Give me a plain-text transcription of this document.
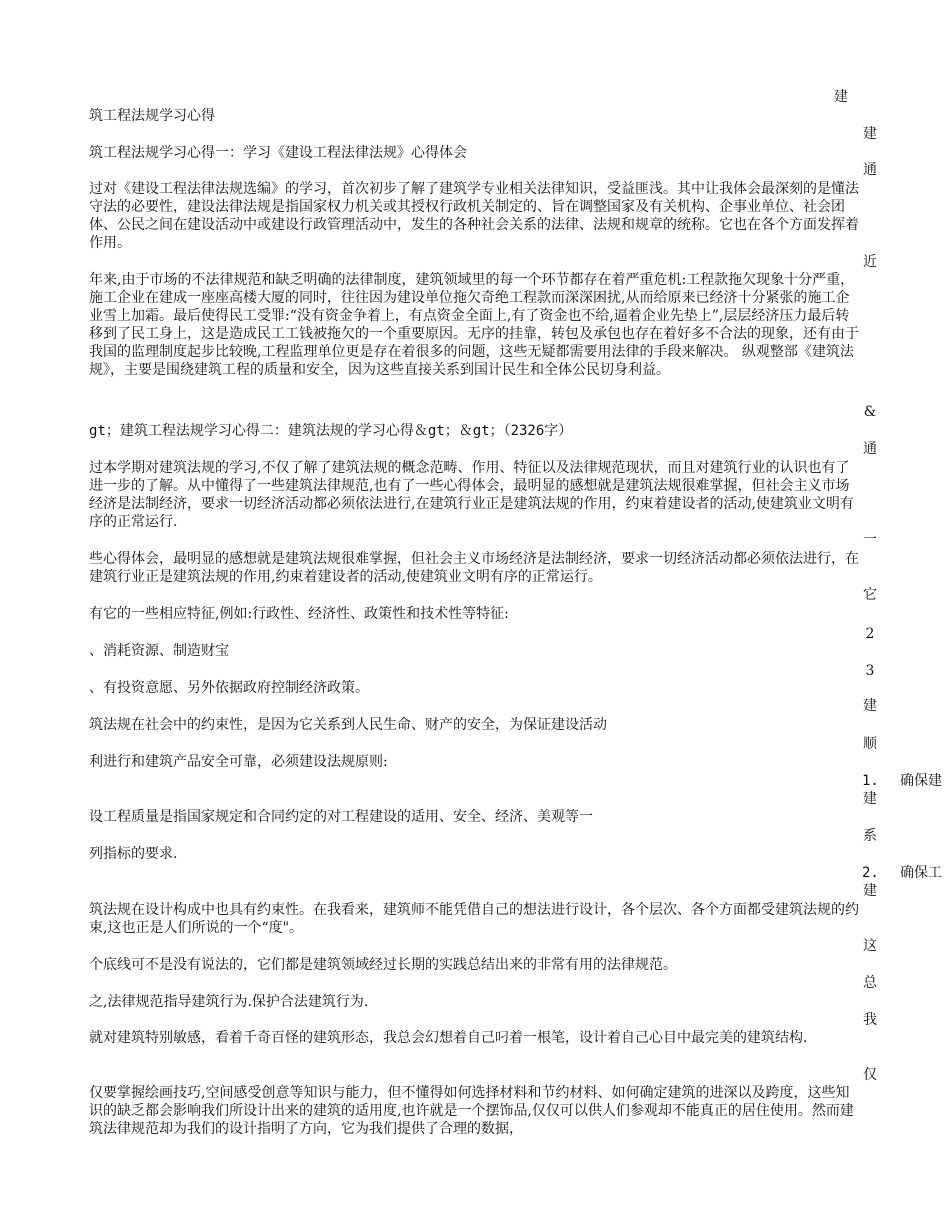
筑工程法规学习心得
筑工程法规学习心得一：学习《建设工程法律法规》心得体会
过对《建设工程法律法规选编》的学习，首次初步了解了建筑学专业相关法律知识，受益匪浅。其中让我体会最深刻的是懂法守法的必要性，建设法律法规是指国家权力机关或其授权行政机关制定的、旨在调整国家及有关机构、企事业单位、社会团体、公民之间在建设活动中或建设行政管理活动中，发生的各种社会关系的法律、法规和规章的统称。它也在各个方面发挥着作用。
年来,由于市场的不法律规范和缺乏明确的法律制度，建筑领域里的每一个环节都存在着严重危机:工程款拖欠现象十分严重，施工企业在建成一座座高楼大厦的同时，往往因为建设单位拖欠奇绝工程款而深深困扰,从而给原来已经济十分紧张的施工企业雪上加霜。最后使得民工受罪:“没有资金争着上，有点资金全面上,有了资金也不给,逼着企业先垫上”,层层经济压力最后转移到了民工身上，这是造成民工工钱被拖欠的一个重要原因。无序的挂靠，转包及承包也存在着好多不合法的现象，还有由于我国的监理制度起步比较晚,工程监理单位更是存在着很多的问题，这些无疑都需要用法律的手段来解决。 纵观整部《建筑法规》，主要是围绕建筑工程的质量和安全，因为这些直接关系到国计民生和全体公民切身利益。
gt；建筑工程法规学习心得二：建筑法规的学习心得＆gt；＆gt；（2326字）
过本学期对建筑法规的学习,不仅了解了建筑法规的概念范畴、作用、特征以及法律规范现状，而且对建筑行业的认识也有了进一步的了解。从中懂得了一些建筑法律规范,也有了一些心得体会，最明显的感想就是建筑法规很难掌握，但社会主义市场经济是法制经济，要求一切经济活动都必须依法进行,在建筑行业正是建筑法规的作用，约束着建设者的活动,使建筑业文明有序的正常运行.
些心得体会，最明显的感想就是建筑法规很难掌握，但社会主义市场经济是法制经济，要求一切经济活动都必须依法进行，在建筑行业正是建筑法规的作用,约束着建设者的活动,使建筑业文明有序的正常运行。
有它的一些相应特征,例如:行政性、经济性、政策性和技术性等特征:
、消耗资源、制造财宝
、有投资意愿、另外依据政府控制经济政策。
筑法规在社会中的约束性，是因为它关系到人民生命、财产的安全，为保证建设活动
利进行和建筑产品安全可靠，必须建设法规原则:
设工程质量是指国家规定和合同约定的对工程建设的适用、安全、经济、美观等一
列指标的要求.
筑法规在设计构成中也具有约束性。在我看来，建筑师不能凭借自己的想法进行设计，各个层次、各个方面都受建筑法规的约束,这也正是人们所说的一个“度"。
个底线可不是没有说法的，它们都是建筑领域经过长期的实践总结出来的非常有用的法律规范。
之,法律规范指导建筑行为.保护合法建筑行为.
就对建筑特别敏感，看着千奇百怪的建筑形态，我总会幻想着自己叼着一根笔，设计着自己心目中最完美的建筑结构.
仅要掌握绘画技巧,空间感受创意等知识与能力，但不懂得如何选择材料和节约材料、如何确定建筑的进深以及跨度，这些知识的缺乏都会影响我们所设计出来的建筑的适用度,也许就是一个摆饰品,仅仅可以供人们参观却不能真正的居住使用。然而建筑法律规范却为我们的设计指明了方向，它为我们提供了合理的数据，
建
建
通
近
&
通
一
它
2
3
建
顺
1. 确保建
建
系
2. 确保工
建
这
总
我
仅
